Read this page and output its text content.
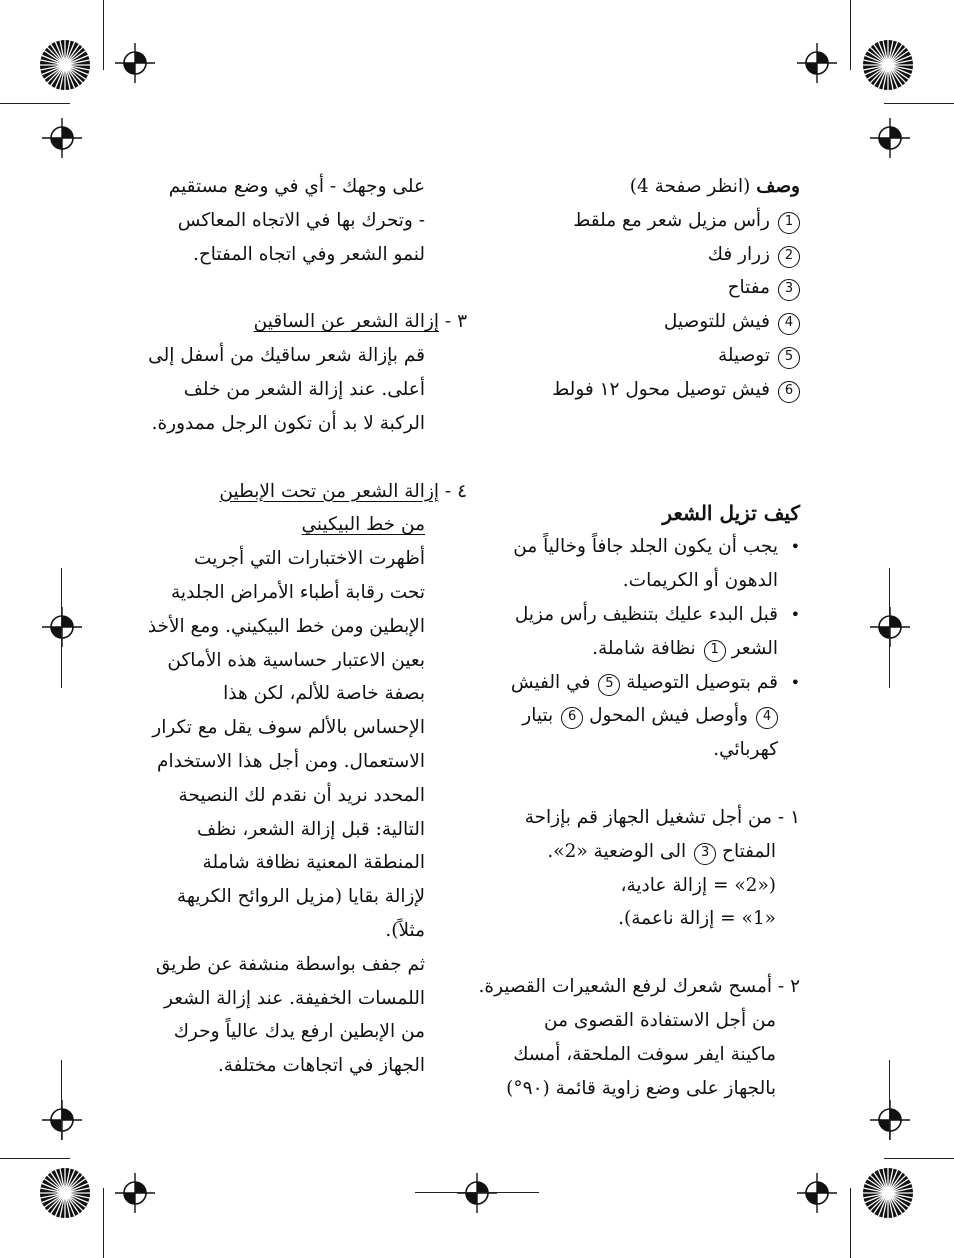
وصف (انظر صفحة 4)
1رأس مزيل شعر مع ملقط
2زرار فك
3مفتاح
4فيش للتوصيل
5توصيلة
6فيش توصيل محول ١٢ فولط
كيف تزيل الشعر
•
يجب أن يكون الجلد جافاً وخالياً من
الدهون أو الكريمات.
•
قبل البدء عليك بتنظيف رأس مزيل
الشعر 1نظافة شاملة.
•
قم بتوصيل التوصيلة 5في الفيش
4وأوصل فيش المحول 6بتيار
كهربائي.
١ - من أجل تشغيل الجهاز قم بإزاحة
المفتاح 3الى الوضعية «2».
(«2» = إزالة عادية،
«1» = إزالة ناعمة).
٢ - أمسح شعرك لرفع الشعيرات القصيرة.
من أجل الاستفادة القصوى من
ماكينة ايفر سوفت الملحقة، أمسك
بالجهاز على وضع زاوية قائمة (٩٠°)
على وجهك - أي في وضع مستقيم
- وتحرك بها في الاتجاه المعاكس
لنمو الشعر وفي اتجاه المفتاح.
٣ - إزالة الشعر عن الساقين
قم بإزالة شعر ساقيك من أسفل إلى
أعلى. عند إزالة الشعر من خلف
الركبة لا بد أن تكون الرجل ممدورة.
٤ - إزالة الشعر من تحت الإبطين
من خط البيكيني
أظهرت الاختبارات التي أجريت
تحت رقابة أطباء الأمراض الجلدية
الإبطين ومن خط البيكيني. ومع الأخذ
بعين الاعتبار حساسية هذه الأماكن
بصفة خاصة للألم، لكن هذا
الإحساس بالألم سوف يقل مع تكرار
الاستعمال. ومن أجل هذا الاستخدام
المحدد نريد أن نقدم لك النصيحة
التالية: قبل إزالة الشعر، نظف
المنطقة المعنية نظافة شاملة
لإزالة بقايا (مزيل الروائح الكريهة
مثلاً).
ثم جفف بواسطة منشفة عن طريق
اللمسات الخفيفة. عند إزالة الشعر
من الإبطين ارفع يدك عالياً وحرك
الجهاز في اتجاهات مختلفة.
